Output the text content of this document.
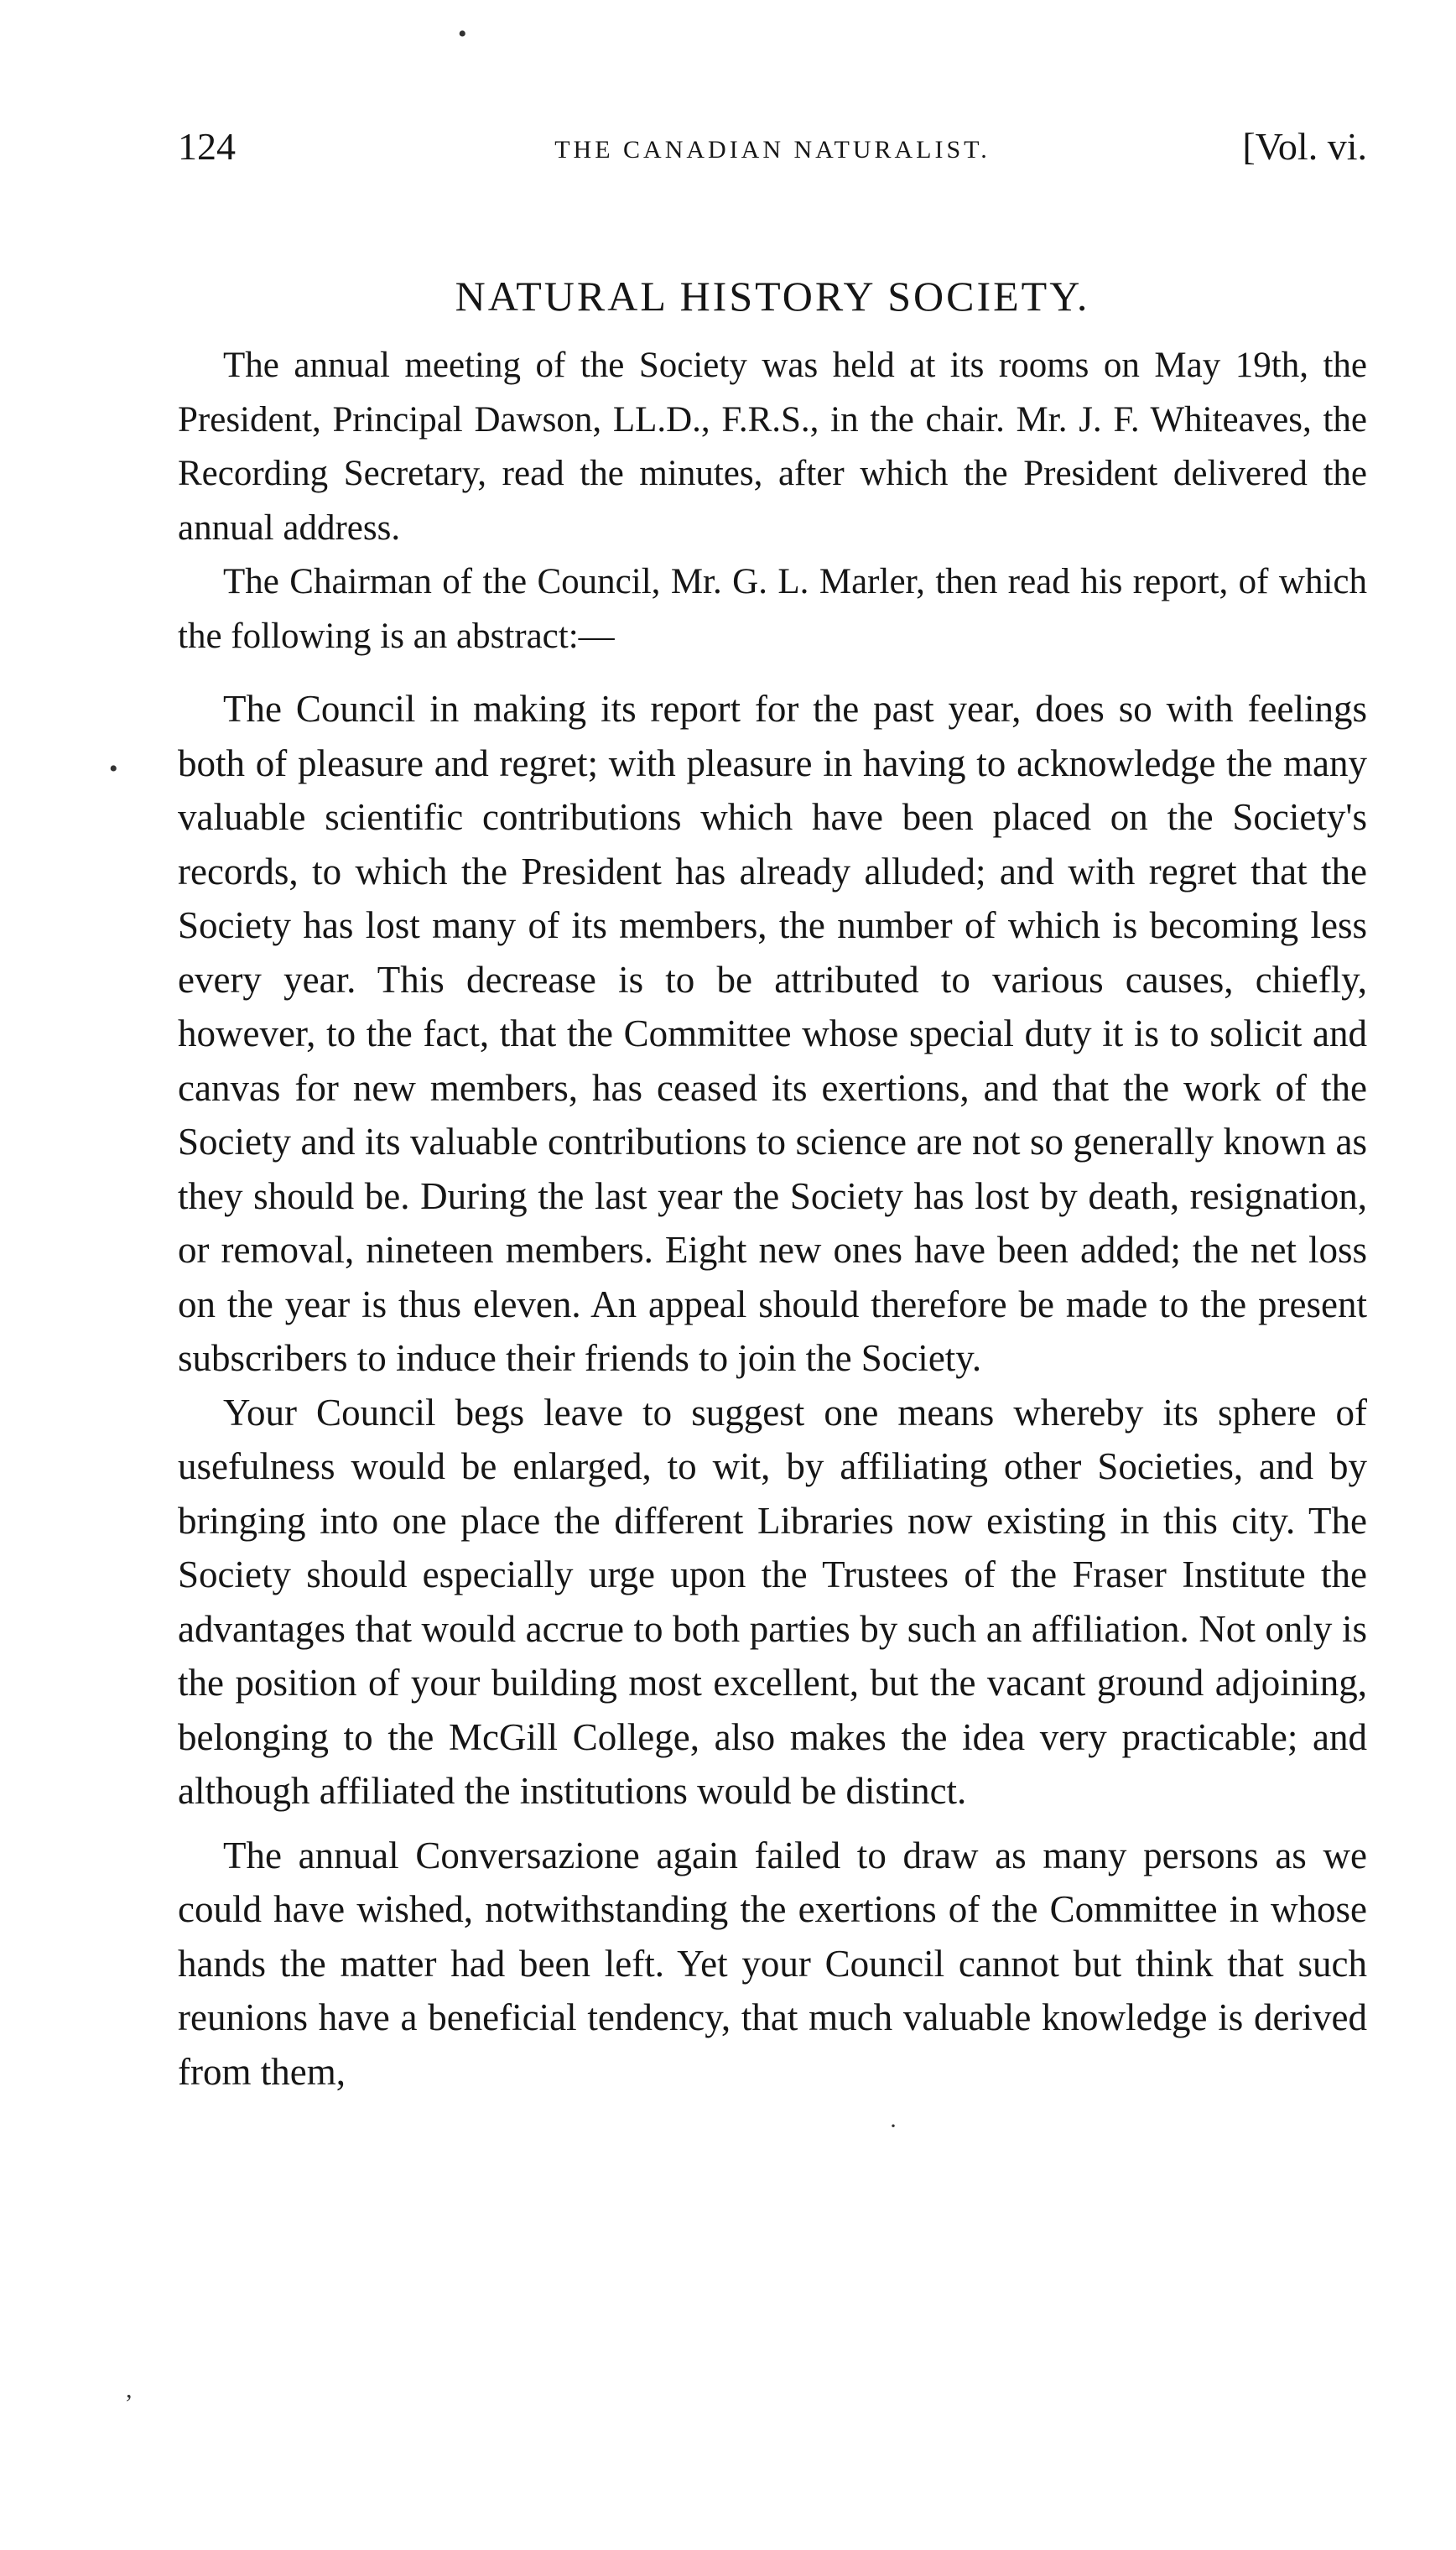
•
124	THE CANADIAN NATURALIST.	[Vol. vi.
NATURAL HISTORY SOCIETY.

The annual meeting of the Society was held at its rooms on May 19th, the President, Principal Dawson, LL.D., F.R.S., in the chair. Mr. J. F. Whiteaves, the Recording Secretary, read the minutes, after which the President delivered the annual address.

The Chairman of the Council, Mr. G. L. Marler, then read his report, of which the following is an abstract:—

The Council in making its report for the past year, does so with feelings both of pleasure and regret; with pleasure in having to acknowledge the many valuable scientific contributions which have been placed on the Society's records, to which the President has already alluded; and with regret that the Society has lost many of its members, the number of which is becoming less every year. This decrease is to be attributed to various causes, chiefly, however, to the fact, that the Committee whose special duty it is to solicit and canvas for new members, has ceased its exertions, and that the work of the Society and its valuable contributions to science are not so generally known as they should be. During the last year the Society has lost by death, resignation, or removal, nineteen members. Eight new ones have been added; the net loss on the year is thus eleven. An appeal should therefore be made to the present subscribers to induce their friends to join the Society.

Your Council begs leave to suggest one means whereby its sphere of usefulness would be enlarged, to wit, by affiliating other Societies, and by bringing into one place the different Libraries now existing in this city. The Society should especially urge upon the Trustees of the Fraser Institute the advantages that would accrue to both parties by such an affiliation. Not only is the position of your building most excellent, but the vacant ground adjoining, belonging to the McGill College, also makes the idea very practicable; and although affiliated the institutions would be distinct.

The annual Conversazione again failed to draw as many persons as we could have wished, notwithstanding the exertions of the Committee in whose hands the matter had been left. Yet your Council cannot but think that such reunions have a beneficial tendency, that much valuable knowledge is derived from them,

•
·
,
